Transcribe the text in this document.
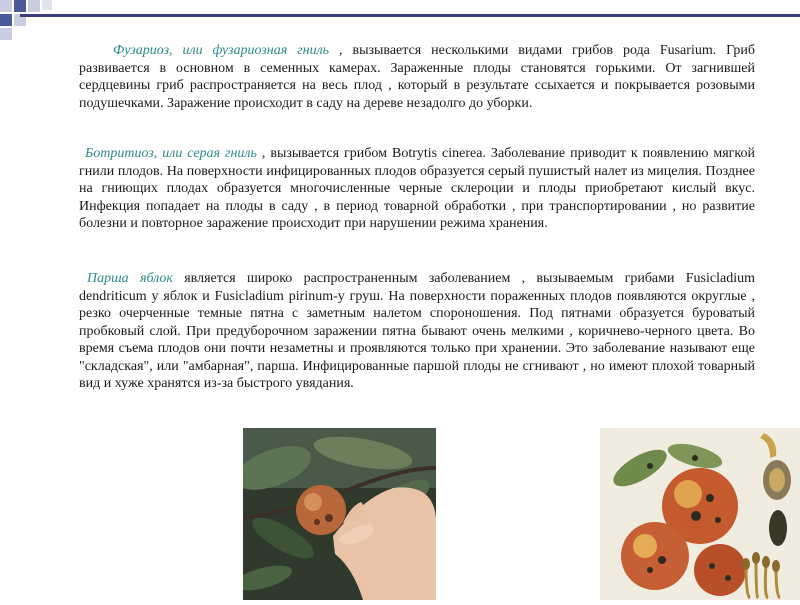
Фузариоз, или фузариозная гниль , вызывается несколькими видами грибов рода Fusarium. Гриб развивается в основном в семенных камерах. Зараженные плоды становятся горькими. От загнившей сердцевины гриб распространяется на весь плод , который в результате ссыхается и покрывается розовыми подушечками. Заражение происходит в саду на дереве незадолго до уборки.

Ботритиоз, или серая гниль , вызывается грибом Botrytis cinerea. Заболевание приводит к появлению мягкой гнили плодов. На поверхности инфицированных плодов образуется серый пушистый налет из мицелия. Позднее на гниющих плодах образуется многочисленные черные склероции и плоды приобретают кислый вкус. Инфекция попадает на плоды в саду , в период товарной обработки , при транспортировании , но развитие болезни и повторное заражение происходит при нарушении режима хранения.

Парша яблок является широко распространенным заболеванием , вызываемым грибами Fusicladium dendriticum у яблок и Fusicladium pirinum-у груш. На поверхности пораженных плодов появляются округлые , резко очерченные темные пятна с заметным налетом спороношения. Под пятнами образуется буроватый пробковый слой. При предуборочном заражении пятна бывают очень мелкими , коричнево-черного цвета. Во время съема плодов они почти незаметны и проявляются только при хранении. Это заболевание называют еще "складская", или "амбарная", парша. Инфицированные паршой плоды не сгнивают , но имеют плохой товарный вид и хуже хранятся из-за быстрого увядания.
